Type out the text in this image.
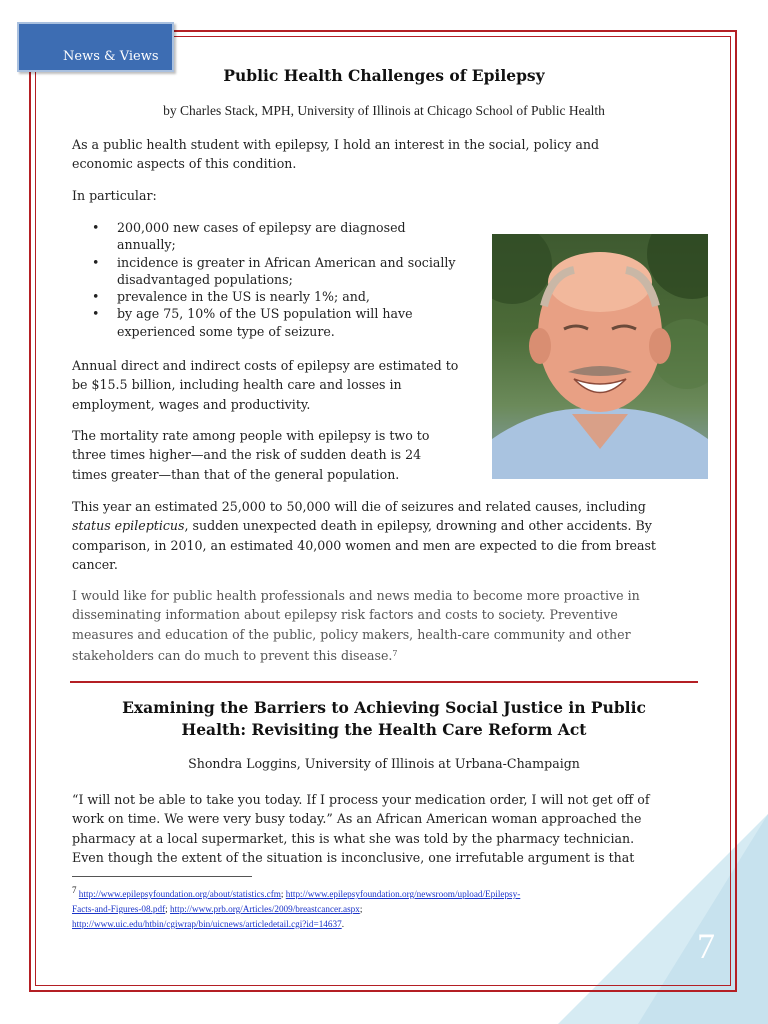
News & Views
Public Health Challenges of Epilepsy
by Charles Stack, MPH, University of Illinois at Chicago School of Public Health
As a public health student with epilepsy, I hold an interest in the social, policy and
economic aspects of this condition.
In particular:
• 200,000 new cases of epilepsy are diagnosed
annually;
• incidence is greater in African American and socially
disadvantaged populations;
• prevalence in the US is nearly 1%; and,
• by age 75, 10% of the US population will have
experienced some type of seizure.
Annual direct and indirect costs of epilepsy are estimated to
be $15.5 billion, including health care and losses in
employment, wages and productivity.
The mortality rate among people with epilepsy is two to
three times higher—and the risk of sudden death is 24
times greater—than that of the general population.
This year an estimated 25,000 to 50,000 will die of seizures and related causes, including
status epilepticus, sudden unexpected death in epilepsy, drowning and other accidents. By
comparison, in 2010, an estimated 40,000 women and men are expected to die from breast
cancer.
I would like for public health professionals and news media to become more proactive in
disseminating information about epilepsy risk factors and costs to society. Preventive
measures and education of the public, policy makers, health-care community and other
stakeholders can do much to prevent this disease.$^7$
Examining the Barriers to Achieving Social Justice in Public
Health: Revisiting the Health Care Reform Act
Shondra Loggins, University of Illinois at Urbana-Champaign
“I will not be able to take you today. If I process your medication order, I will not get off of
work on time. We were very busy today.” As an African American woman approached the
pharmacy at a local supermarket, this is what she was told by the pharmacy technician.
Even though the extent of the situation is inconclusive, one irrefutable argument is that
$^7$ http://www.epilepsyfoundation.org/about/statistics.cfm; http://www.epilepsyfoundation.org/newsroom/upload/Epilepsy-
Facts-and-Figures-08.pdf; http://www.prb.org/Articles/2009/breastcancer.aspx;
http://www.uic.edu/htbin/cgiwrap/bin/uicnews/articledetail.cgi?id=14637.
7
